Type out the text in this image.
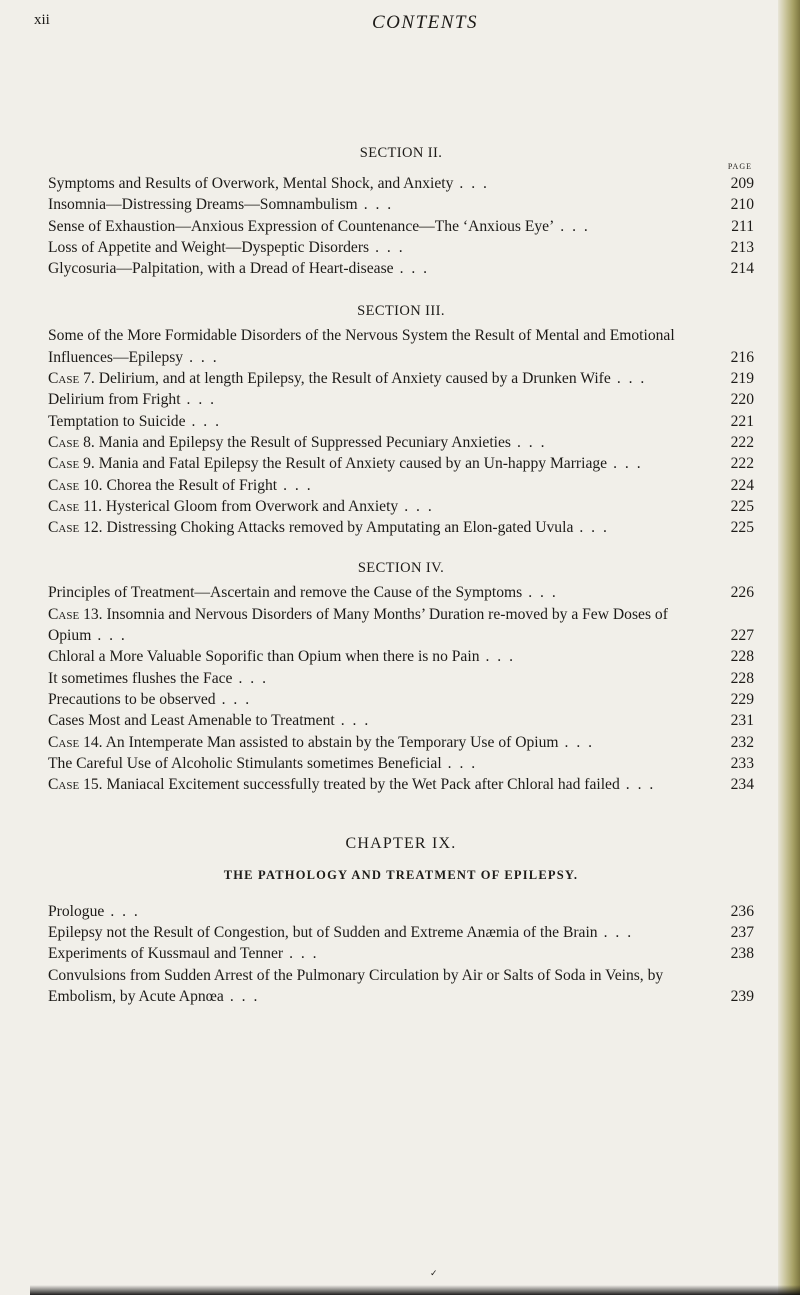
xii	CONTENTS
SECTION II.
PAGE
Symptoms and Results of Overwork, Mental Shock, and Anxiety . . .	209
Insomnia—Distressing Dreams—Somnambulism . . .	210
Sense of Exhaustion—Anxious Expression of Countenance—The ‘Anxious Eye’ . . .	211
Loss of Appetite and Weight—Dyspeptic Disorders . . .	213
Glycosuria—Palpitation, with a Dread of Heart-disease . . .	214
SECTION III.
Some of the More Formidable Disorders of the Nervous System the Result of Mental and Emotional Influences—Epilepsy . . .	216
Case 7. Delirium, and at length Epilepsy, the Result of Anxiety caused by a Drunken Wife . . .	219
Delirium from Fright . . .	220
Temptation to Suicide . . .	221
Case 8. Mania and Epilepsy the Result of Suppressed Pecuniary Anxieties . . .	222
Case 9. Mania and Fatal Epilepsy the Result of Anxiety caused by an Un-happy Marriage . . .	222
Case 10. Chorea the Result of Fright . . .	224
Case 11. Hysterical Gloom from Overwork and Anxiety . . .	225
Case 12. Distressing Choking Attacks removed by Amputating an Elon-gated Uvula . . .	225
SECTION IV.
Principles of Treatment—Ascertain and remove the Cause of the Symptoms . . .	226
Case 13. Insomnia and Nervous Disorders of Many Months’ Duration re-moved by a Few Doses of Opium . . .	227
Chloral a More Valuable Soporific than Opium when there is no Pain . . .	228
It sometimes flushes the Face . . .	228
Precautions to be observed . . .	229
Cases Most and Least Amenable to Treatment . . .	231
Case 14. An Intemperate Man assisted to abstain by the Temporary Use of Opium . . .	232
The Careful Use of Alcoholic Stimulants sometimes Beneficial . . .	233
Case 15. Maniacal Excitement successfully treated by the Wet Pack after Chloral had failed . . .	234
CHAPTER IX.
THE PATHOLOGY AND TREATMENT OF EPILEPSY.
Prologue . . .	236
Epilepsy not the Result of Congestion, but of Sudden and Extreme Anæmia of the Brain . . .	237
Experiments of Kussmaul and Tenner . . .	238
Convulsions from Sudden Arrest of the Pulmonary Circulation by Air or Salts of Soda in Veins, by Embolism, by Acute Apnœa . . .	239
✓
